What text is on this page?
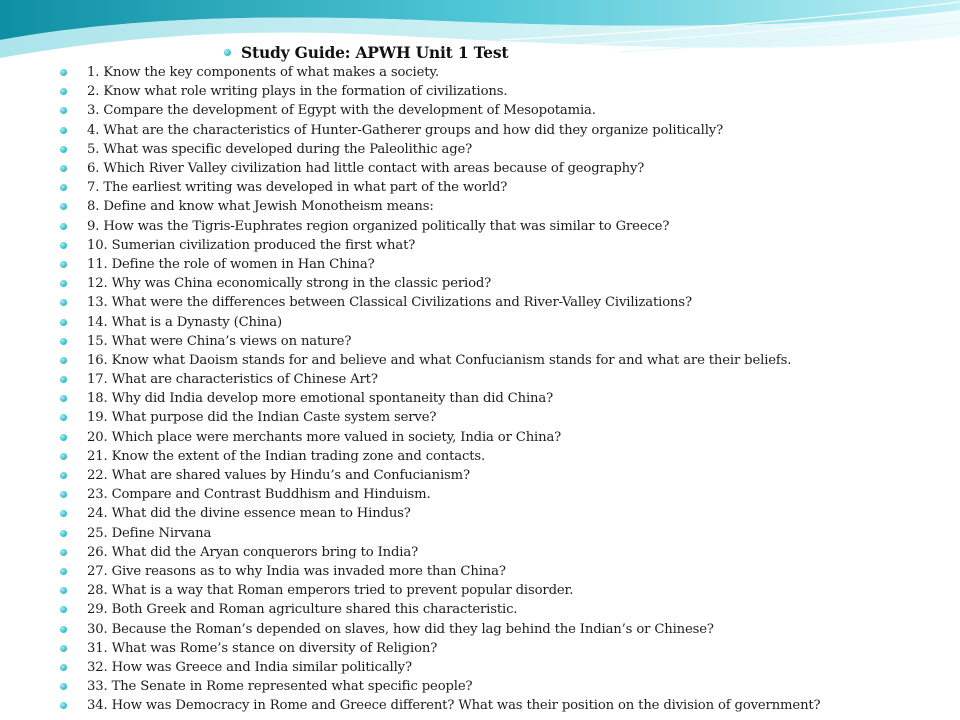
Study Guide: APWH Unit 1 Test
1. Know the key components of what makes a society.
2. Know what role writing plays in the formation of civilizations.
3. Compare the development of Egypt with the development of Mesopotamia.
4. What are the characteristics of Hunter-Gatherer groups and how did they organize politically?
5. What was specific developed during the Paleolithic age?
6. Which River Valley civilization had little contact with areas because of geography?
7. The earliest writing was developed in what part of the world?
8. Define and know what Jewish Monotheism means:
9. How was the Tigris-Euphrates region organized politically that was similar to Greece?
10. Sumerian civilization produced the first what?
11. Define the role of women in Han China?
12. Why was China economically strong in the classic period?
13. What were the differences between Classical Civilizations and River-Valley Civilizations?
14. What is a Dynasty (China)
15. What were China’s views on nature?
16. Know what Daoism stands for and believe and what Confucianism stands for and what are their beliefs.
17. What are characteristics of Chinese Art?
18. Why did India develop more emotional spontaneity than did China?
19. What purpose did the Indian Caste system serve?
20. Which place were merchants more valued in society, India or China?
21. Know the extent of the Indian trading zone and contacts.
22. What are shared values by Hindu’s and Confucianism?
23. Compare and Contrast Buddhism and Hinduism.
24. What did the divine essence mean to Hindus?
25. Define Nirvana
26. What did the Aryan conquerors bring to India?
27. Give reasons as to why India was invaded more than China?
28. What is a way that Roman emperors tried to prevent popular disorder.
29. Both Greek and Roman agriculture shared this characteristic.
30. Because the Roman’s depended on slaves, how did they lag behind the Indian’s or Chinese?
31. What was Rome’s stance on diversity of Religion?
32. How was Greece and India similar politically?
33. The Senate in Rome represented what specific people?
34. How was Democracy in Rome and Greece different? What was their position on the division of government?
